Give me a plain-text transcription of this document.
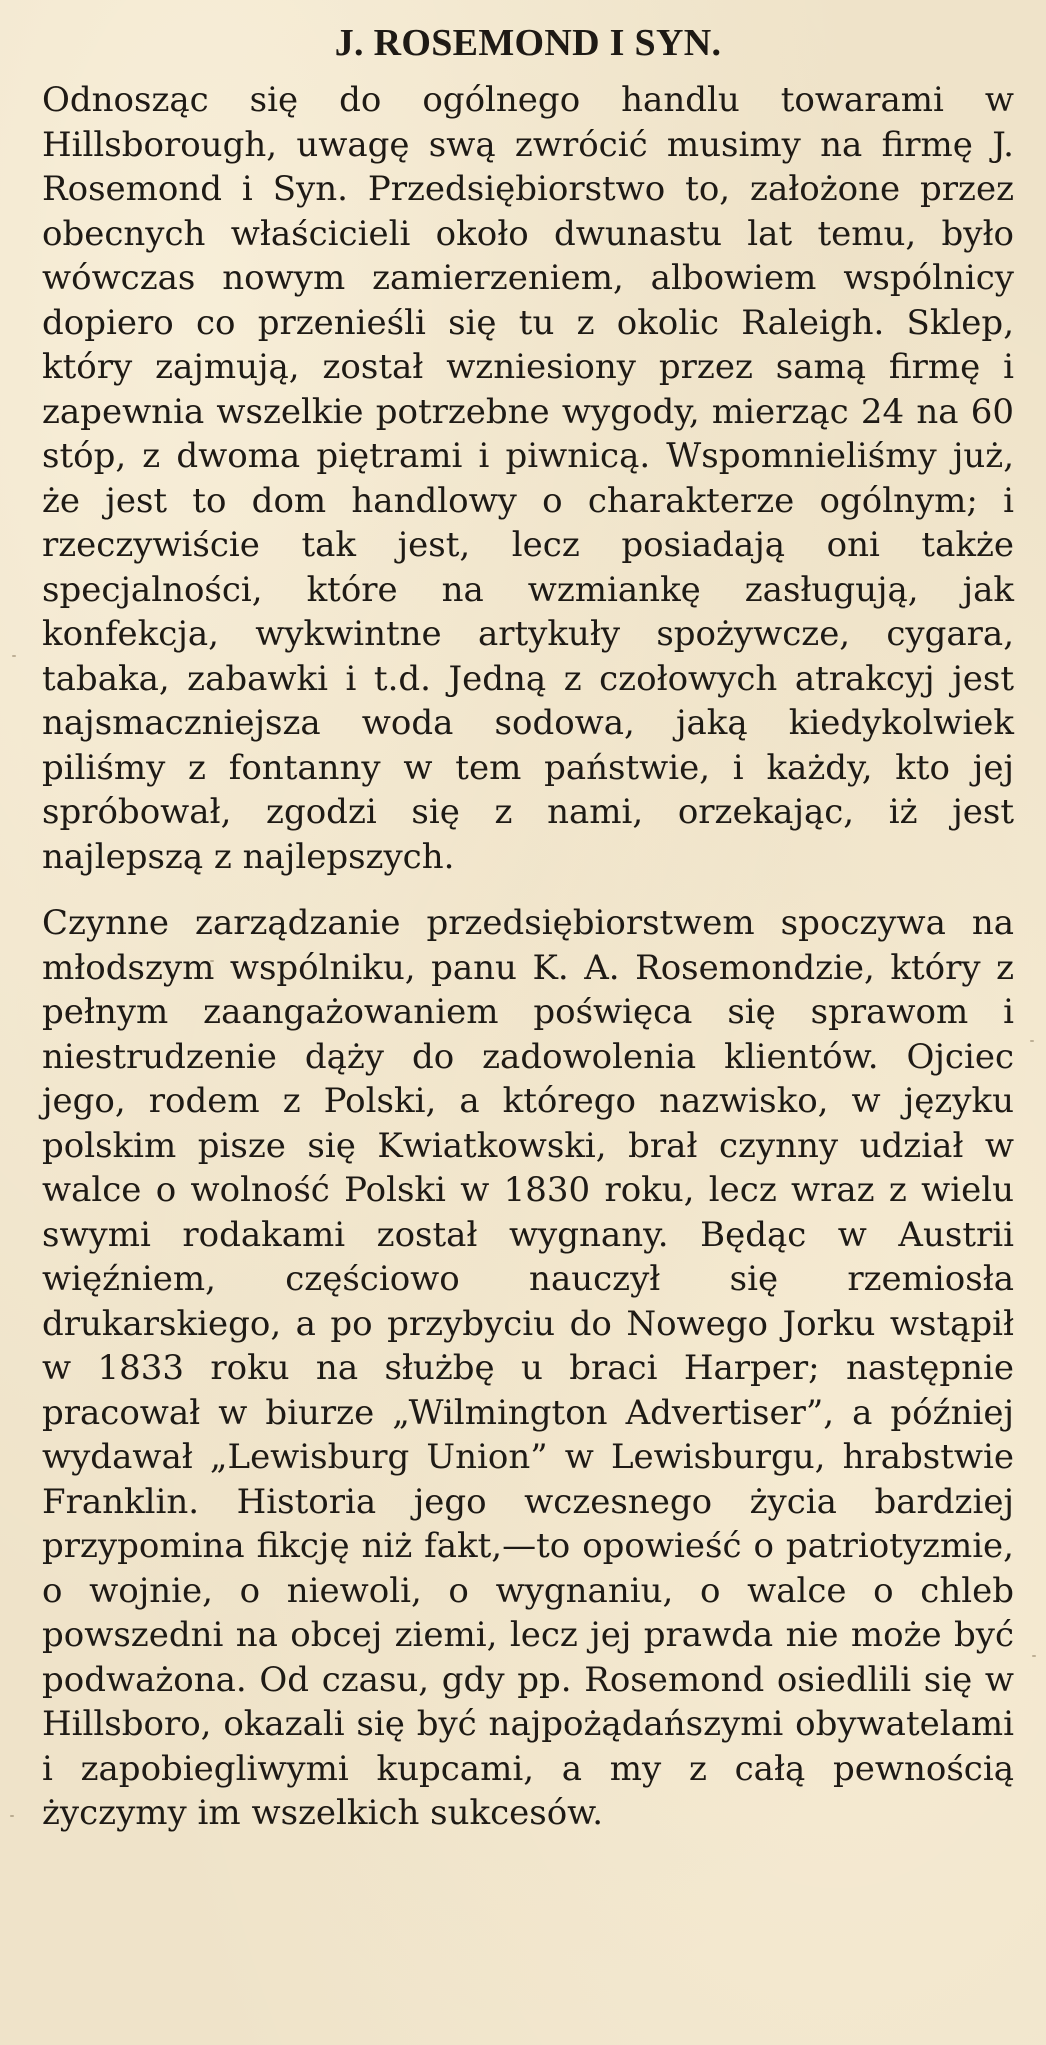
J. ROSEMOND I SYN.

Odnosząc się do ogólnego handlu towarami w Hillsborough, uwagę swą zwrócić musimy na firmę J. Rosemond i Syn. Przedsiębiorstwo to, założone przez obecnych właścicieli około dwunastu lat temu, było wówczas nowym zamierzeniem, albowiem wspólnicy dopiero co przenieśli się tu z okolic Raleigh. Sklep, który zajmują, został wzniesiony przez samą firmę i zapewnia wszelkie potrzebne wygody, mierząc 24 na 60 stóp, z dwoma piętrami i piwnicą. Wspomnieliśmy już, że jest to dom handlowy o charakterze ogólnym; i rzeczywiście tak jest, lecz posiadają oni także specjalności, które na wzmiankę zasługują, jak konfekcja, wykwintne artykuły spożywcze, cygara, tabaka, zabawki i t.d. Jedną z czołowych atrakcyj jest najsmaczniejsza woda sodowa, jaką kiedykolwiek piliśmy z fontanny w tem państwie, i każdy, kto jej spróbował, zgodzi się z nami, orzekając, iż jest najlepszą z najlepszych.

Czynne zarządzanie przedsiębiorstwem spoczywa na młodszym wspólniku, panu K. A. Rosemondzie, który z pełnym zaangażowaniem poświęca się sprawom i niestrudzenie dąży do zadowolenia klientów. Ojciec jego, rodem z Polski, a którego nazwisko, w języku polskim pisze się Kwiatkowski, brał czynny udział w walce o wolność Polski w 1830 roku, lecz wraz z wielu swymi rodakami został wygnany. Będąc w Austrii więźniem, częściowo nauczył się rzemiosła drukarskiego, a po przybyciu do Nowego Jorku wstąpił w 1833 roku na służbę u braci Harper; następnie pracował w biurze „Wilmington Advertiser”, a później wydawał „Lewisburg Union” w Lewisburgu, hrabstwie Franklin. Historia jego wczesnego życia bardziej przypomina fikcję niż fakt,—to opowieść o patriotyzmie, o wojnie, o niewoli, o wygnaniu, o walce o chleb powszedni na obcej ziemi, lecz jej prawda nie może być podważona. Od czasu, gdy pp. Rosemond osiedlili się w Hillsboro, okazali się być najpożądańszymi obywatelami i zapobiegliwymi kupcami, a my z całą pewnością życzymy im wszelkich sukcesów.
